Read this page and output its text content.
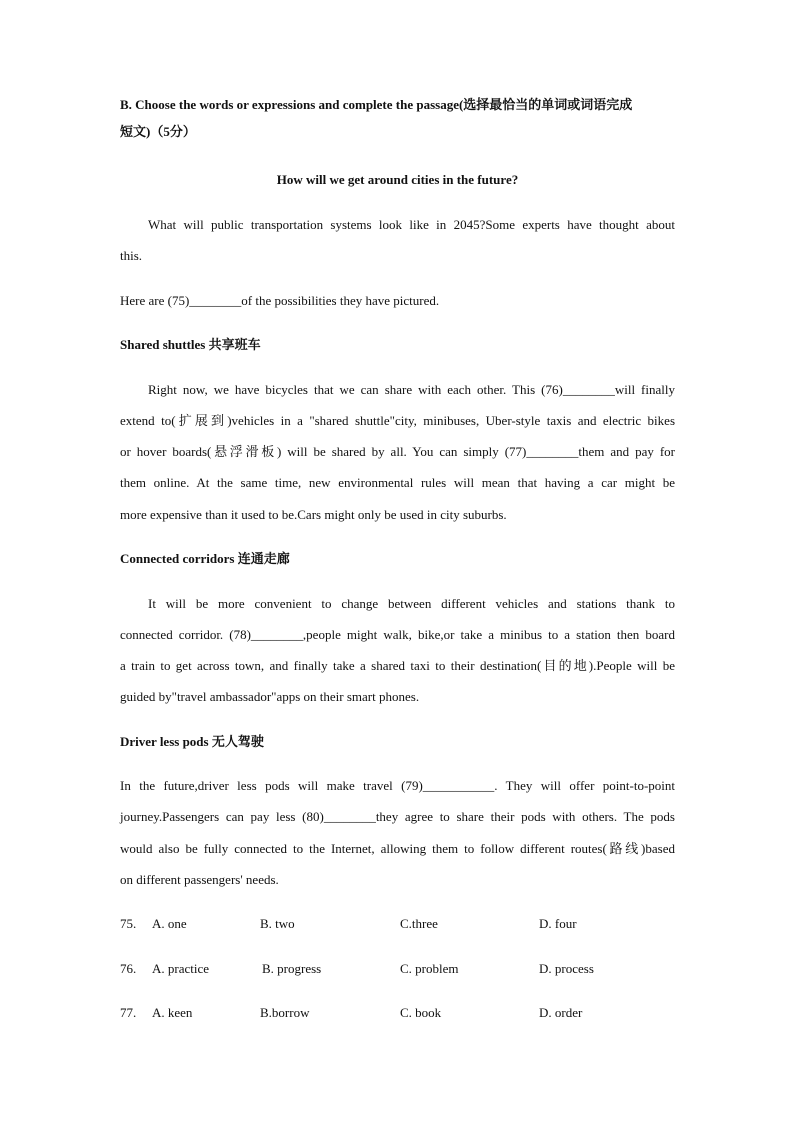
B. Choose the words or expressions and complete the passage(选择最恰当的单词或词语完成
短文)（5分）
How will we get around cities in the future?
What will public transportation systems look like in 2045?Some experts have thought about
this.
Here are (75)________of the possibilities they have pictured.
Shared shuttles 共享班车
Right now, we have bicycles that we can share with each other. This (76)________will finally
extend to(扩展到)vehicles in a "shared shuttle"city, minibuses, Uber-style taxis and electric bikes
or hover boards(悬浮滑板) will be shared by all. You can simply (77)________them and pay for
them online. At the same time, new environmental rules will mean that having a car might be
more expensive than it used to be.Cars might only be used in city suburbs.
Connected corridors 连通走廊
It will be more convenient to change between different vehicles and stations thank to
connected corridor. (78)________,people might walk, bike,or take a minibus to a station then board
a train to get across town, and finally take a shared taxi to their destination(目的地).People will be
guided by"travel ambassador"apps on their smart phones.
Driver less pods 无人驾驶
In the future,driver less pods will make travel (79)___________. They will offer point-to-point
journey.Passengers can pay less (80)________they agree to share their pods with others. The pods
would also be fully connected to the Internet, allowing them to follow different routes(路线)based
on different passengers' needs.
75. A. one	B. two	C.three	D. four
76. A. practice	B. progress	C. problem	D. process
77. A. keen	B.borrow	C. book	D. order
